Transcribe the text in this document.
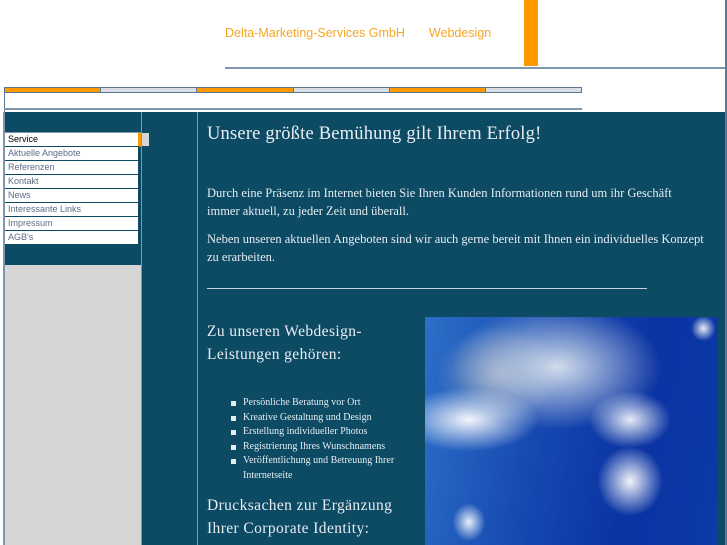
Delta-Marketing-Services GmbH Webdesign
Service
Aktuelle Angebote
Referenzen
Kontakt
News
Interessante Links
Impressum
AGB's
Unsere größte Bemühung gilt Ihrem Erfolg!
Durch eine Präsenz im Internet bieten Sie Ihren Kunden Informationen rund um ihr Geschäft immer aktuell, zu jeder Zeit und überall.
Neben unseren aktuellen Angeboten sind wir auch gerne bereit mit Ihnen ein individuelles Konzept zu erarbeiten.
Zu unseren Webdesign-Leistungen gehören:
Persönliche Beratung vor Ort
Kreative Gestaltung und Design
Erstellung individueller Photos
Registrierung Ihres Wunschnamens
Veröffentlichung und Betreuung Ihrer Internetseite
Drucksachen zur Ergänzung Ihrer Corporate Identity:
